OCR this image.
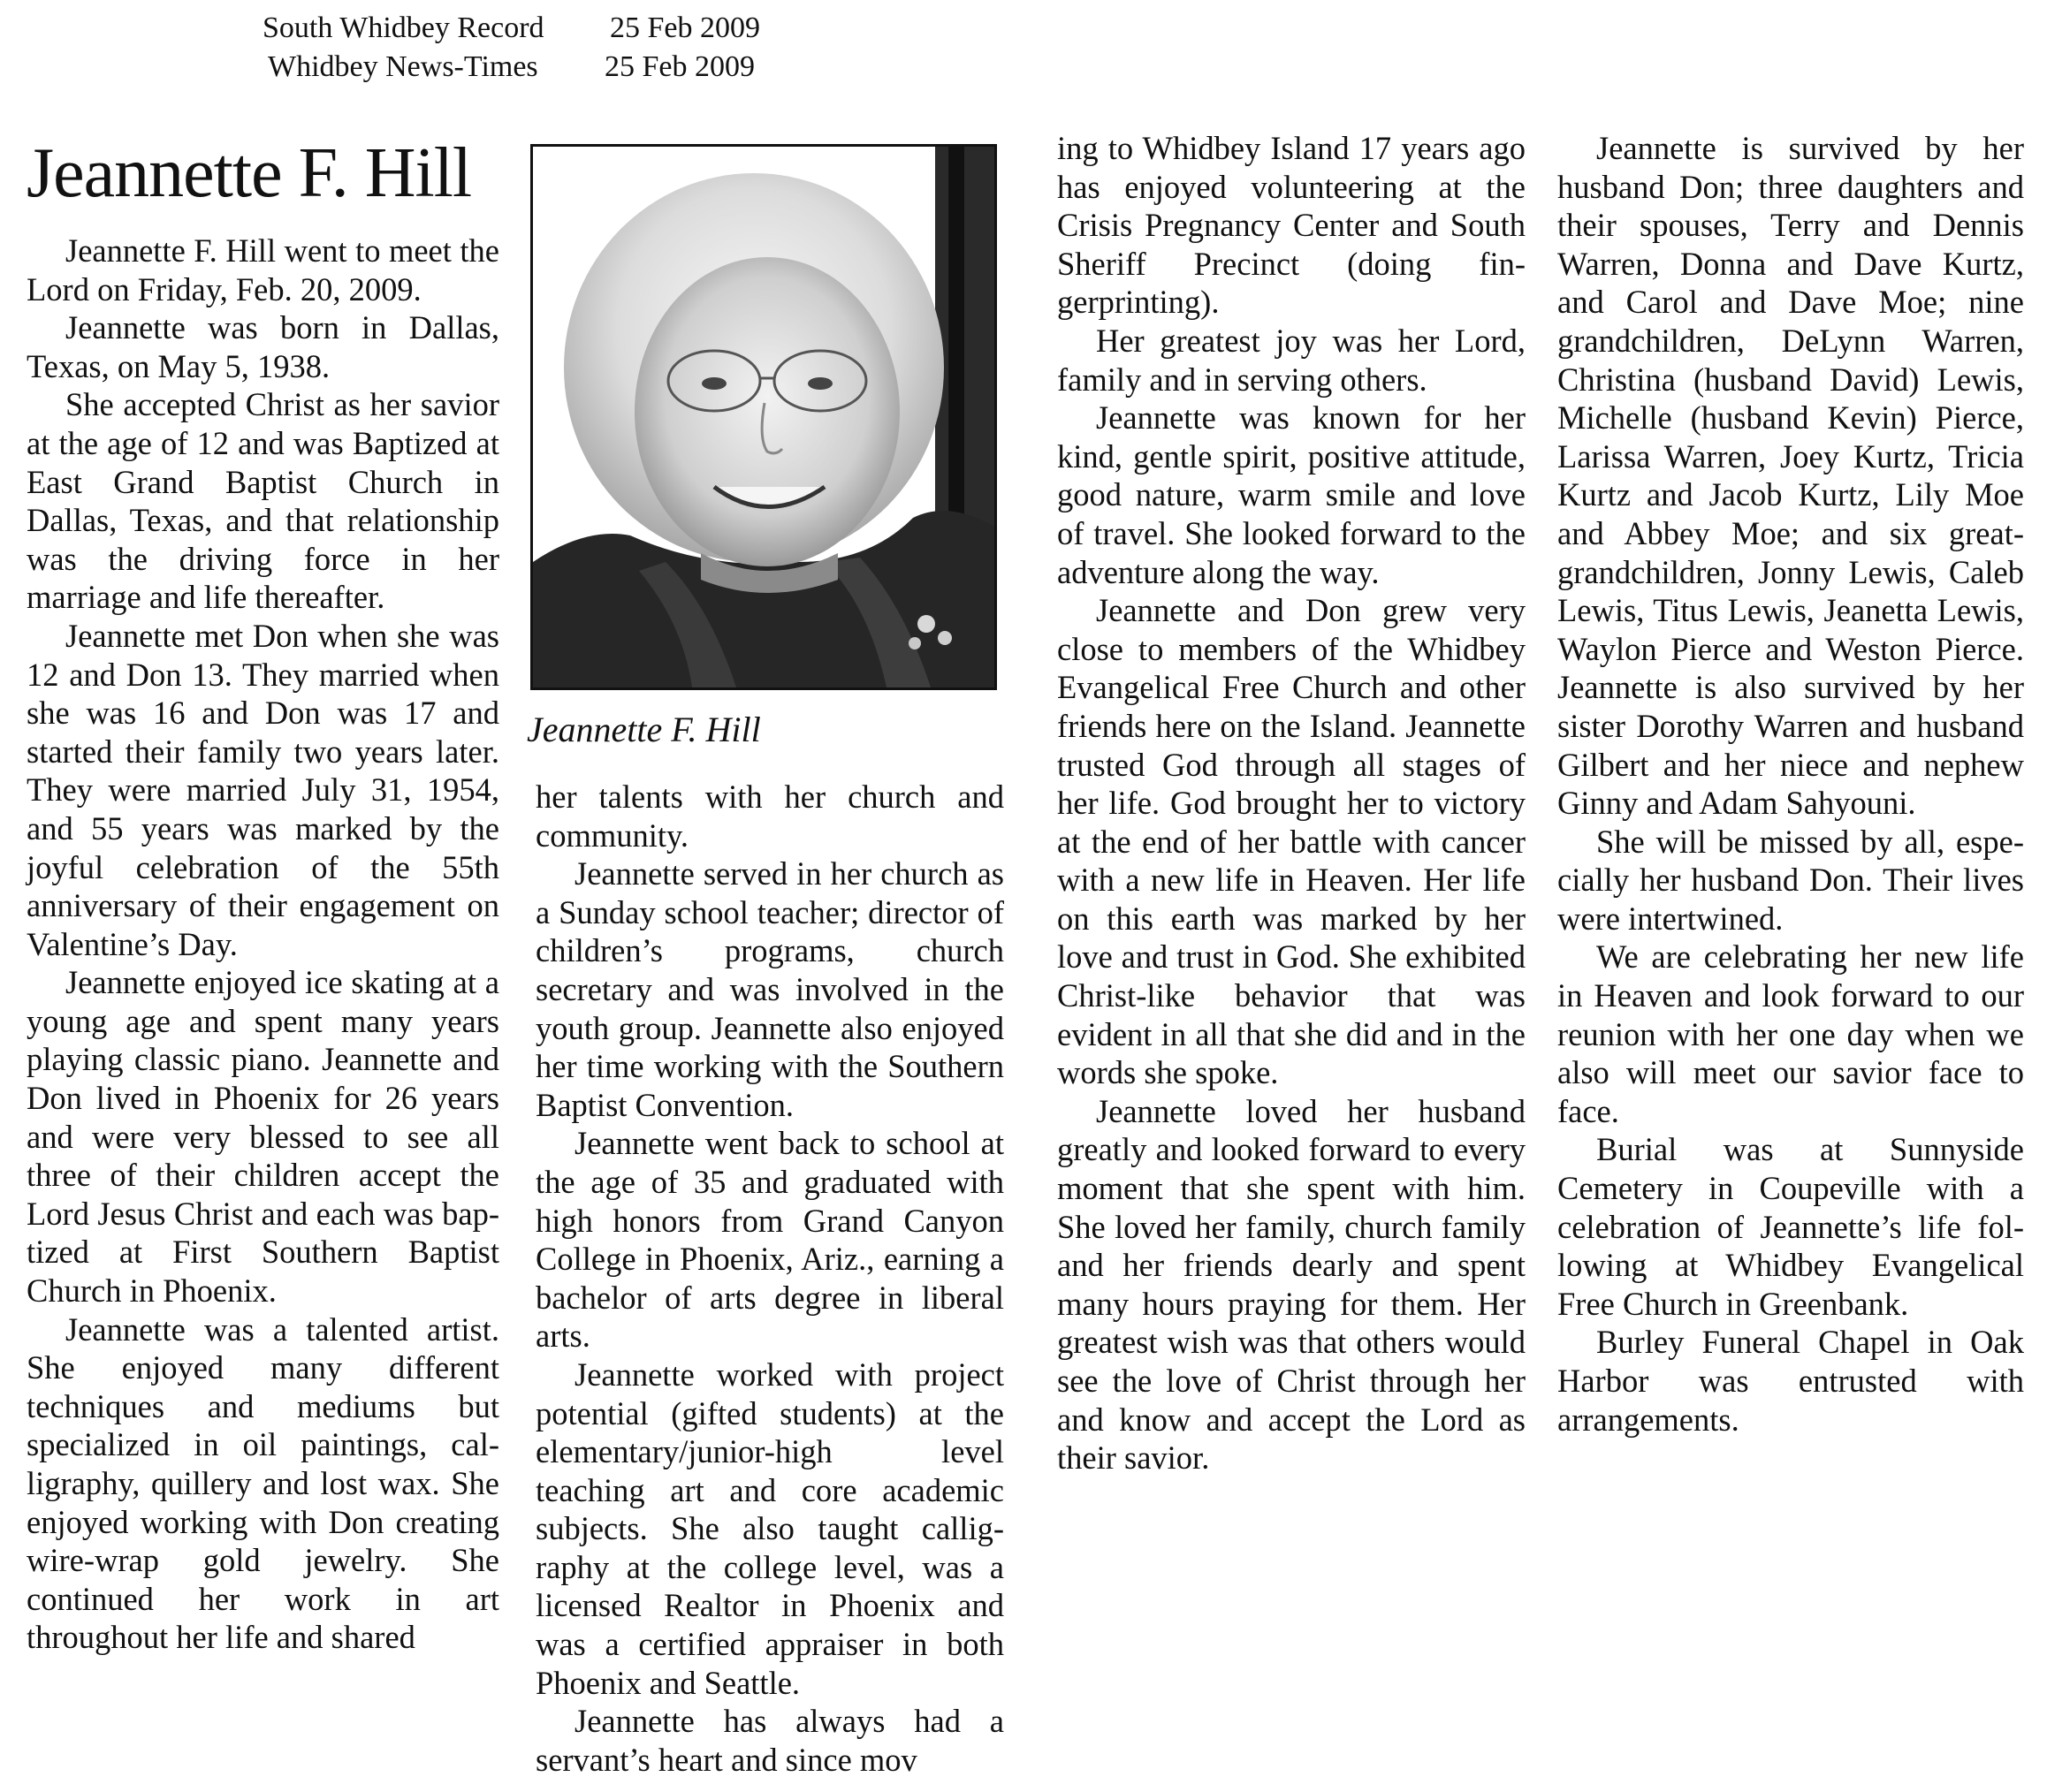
South Whidbey Record 25 Feb 2009
Whidbey News-Times 25 Feb 2009
Jeannette F. Hill

Jeannette F. Hill went to meet the Lord on Friday, Feb. 20, 2009.

Jeannette was born in Dallas, Texas, on May 5, 1938.

She accepted Christ as her savior at the age of 12 and was Baptized at East Grand Baptist Church in Dallas, Texas, and that relationship was the driving force in her marriage and life thereafter.

Jeannette met Don when she was 12 and Don 13. They married when she was 16 and Don was 17 and started their family two years later. They were married July 31, 1954, and 55 years was marked by the joyful celebration of the 55th anniversary of their engagement on Valentine’s Day.

Jeannette enjoyed ice skating at a young age and spent many years playing classic piano. Jeannette and Don lived in Phoenix for 26 years and were very blessed to see all three of their children accept the Lord Jesus Christ and each was baptized at First Southern Baptist Church in Phoenix.

Jeannette was a talented artist. She enjoyed many different techniques and mediums but specialized in oil paintings, calligraphy, quillery and lost wax. She enjoyed working with Don creating wire-wrap gold jewelry. She continued her work in art throughout her life and shared

Jeannette F. Hill

her talents with her church and community.

Jeannette served in her church as a Sunday school teacher; director of children’s programs, church secretary and was involved in the youth group. Jeannette also enjoyed her time working with the Southern Baptist Convention.

Jeannette went back to school at the age of 35 and graduated with high honors from Grand Canyon College in Phoenix, Ariz., earning a bachelor of arts degree in liberal arts.

Jeannette worked with project potential (gifted students) at the elementary/junior-high level teaching art and core academic subjects. She also taught calligraphy at the college level, was a licensed Realtor in Phoenix and was a certified appraiser in both Phoenix and Seattle.

Jeannette has always had a servant’s heart and since mov

ing to Whidbey Island 17 years ago has enjoyed volunteering at the Crisis Pregnancy Center and South Sheriff Precinct (doing fingerprinting).

Her greatest joy was her Lord, family and in serving others.

Jeannette was known for her kind, gentle spirit, positive attitude, good nature, warm smile and love of travel. She looked forward to the adventure along the way.

Jeannette and Don grew very close to members of the Whidbey Evangelical Free Church and other friends here on the Island. Jeannette trusted God through all stages of her life. God brought her to victory at the end of her battle with cancer with a new life in Heaven. Her life on this earth was marked by her love and trust in God. She exhibited Christ-like behavior that was evident in all that she did and in the words she spoke.

Jeannette loved her husband greatly and looked forward to every moment that she spent with him. She loved her family, church family and her friends dearly and spent many hours praying for them. Her greatest wish was that others would see the love of Christ through her and know and accept the Lord as their savior.

Jeannette is survived by her husband Don; three daughters and their spouses, Terry and Dennis Warren, Donna and Dave Kurtz, and Carol and Dave Moe; nine grandchildren, DeLynn Warren, Christina (husband David) Lewis, Michelle (husband Kevin) Pierce, Larissa Warren, Joey Kurtz, Tricia Kurtz and Jacob Kurtz, Lily Moe and Abbey Moe; and six great-grandchildren, Jonny Lewis, Caleb Lewis, Titus Lewis, Jeanetta Lewis, Waylon Pierce and Weston Pierce. Jeannette is also survived by her sister Dorothy Warren and husband Gilbert and her niece and nephew Ginny and Adam Sahyouni.

She will be missed by all, especially her husband Don. Their lives were intertwined.

We are celebrating her new life in Heaven and look forward to our reunion with her one day when we also will meet our savior face to face.

Burial was at Sunnyside Cemetery in Coupeville with a celebration of Jeannette’s life following at Whidbey Evangelical Free Church in Greenbank.

Burley Funeral Chapel in Oak Harbor was entrusted with arrangements.
